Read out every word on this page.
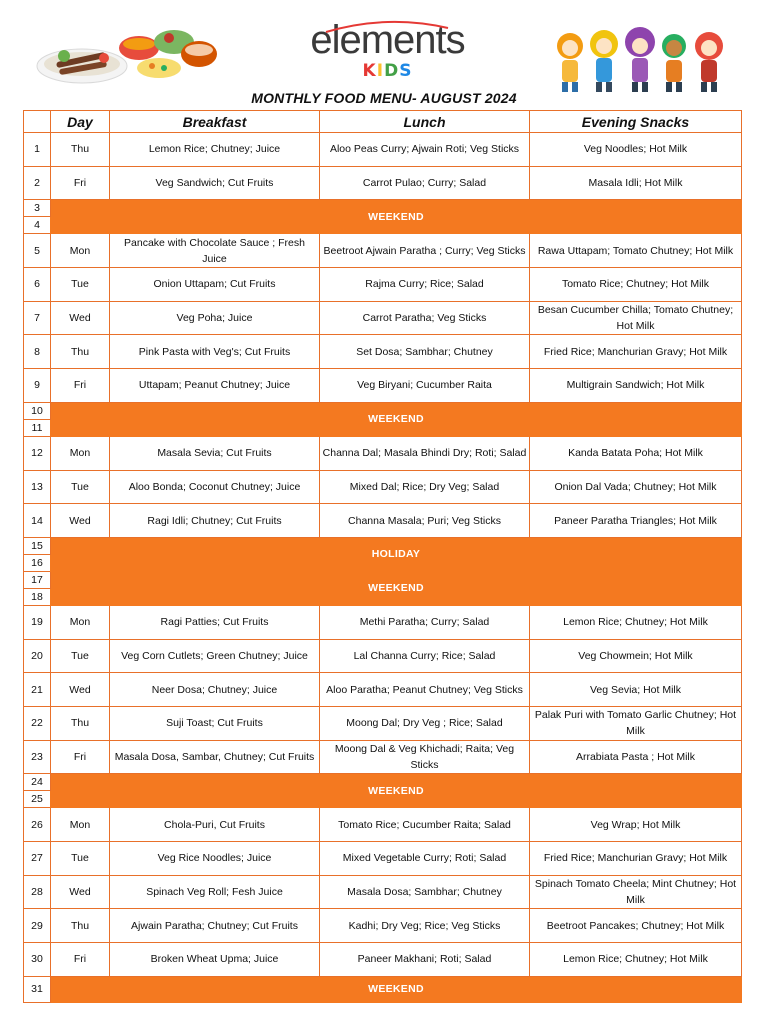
elements
KIDS
MONTHLY FOOD MENU- AUGUST 2024
	Day	Breakfast	Lunch	Evening Snacks
1	Thu	Lemon Rice; Chutney; Juice	Aloo Peas Curry; Ajwain Roti; Veg Sticks	Veg Noodles; Hot Milk
2	Fri	Veg Sandwich; Cut Fruits	Carrot Pulao; Curry; Salad	Masala Idli; Hot Milk
3	WEEKEND			
4				
5	Mon	Pancake with Chocolate Sauce ; Fresh Juice	Beetroot Ajwain Paratha ; Curry; Veg Sticks	Rawa Uttapam; Tomato Chutney; Hot Milk
6	Tue	Onion Uttapam; Cut Fruits	Rajma Curry; Rice; Salad	Tomato Rice; Chutney; Hot Milk
7	Wed	Veg Poha; Juice	Carrot Paratha; Veg Sticks	Besan Cucumber Chilla; Tomato Chutney; Hot Milk
8	Thu	Pink Pasta with Veg's; Cut Fruits	Set Dosa; Sambhar; Chutney	Fried Rice; Manchurian Gravy; Hot Milk
9	Fri	Uttapam; Peanut Chutney; Juice	Veg Biryani; Cucumber Raita	Multigrain Sandwich; Hot Milk
10	WEEKEND			
11				
12	Mon	Masala Sevia; Cut Fruits	Channa Dal; Masala Bhindi Dry; Roti; Salad	Kanda Batata Poha; Hot Milk
13	Tue	Aloo Bonda; Coconut Chutney; Juice	Mixed Dal; Rice; Dry Veg; Salad	Onion Dal Vada; Chutney; Hot Milk
14	Wed	Ragi Idli; Chutney; Cut Fruits	Channa Masala; Puri; Veg Sticks	Paneer Paratha Triangles; Hot Milk
15	HOLIDAY			
16				
17	WEEKEND			
18				
19	Mon	Ragi Patties; Cut Fruits	Methi Paratha; Curry; Salad	Lemon Rice; Chutney; Hot Milk
20	Tue	Veg Corn Cutlets; Green Chutney; Juice	Lal Channa Curry; Rice; Salad	Veg Chowmein; Hot Milk
21	Wed	Neer Dosa; Chutney; Juice	Aloo Paratha; Peanut Chutney; Veg Sticks	Veg Sevia; Hot Milk
22	Thu	Suji Toast; Cut Fruits	Moong Dal; Dry Veg ; Rice; Salad	Palak Puri with Tomato Garlic Chutney; Hot Milk
23	Fri	Masala Dosa, Sambar, Chutney; Cut Fruits	Moong Dal & Veg Khichadi; Raita; Veg Sticks	Arrabiata Pasta ; Hot Milk
24	WEEKEND			
25				
26	Mon	Chola-Puri, Cut Fruits	Tomato Rice; Cucumber Raita; Salad	Veg Wrap; Hot Milk
27	Tue	Veg Rice Noodles; Juice	Mixed Vegetable Curry; Roti; Salad	Fried Rice; Manchurian Gravy; Hot Milk
28	Wed	Spinach Veg Roll; Fesh Juice	Masala Dosa; Sambhar; Chutney	Spinach Tomato Cheela; Mint Chutney; Hot Milk
29	Thu	Ajwain Paratha; Chutney; Cut Fruits	Kadhi; Dry Veg; Rice; Veg Sticks	Beetroot Pancakes; Chutney; Hot Milk
30	Fri	Broken Wheat Upma; Juice	Paneer Makhani; Roti; Salad	Lemon Rice; Chutney; Hot Milk
31	WEEKEND			
